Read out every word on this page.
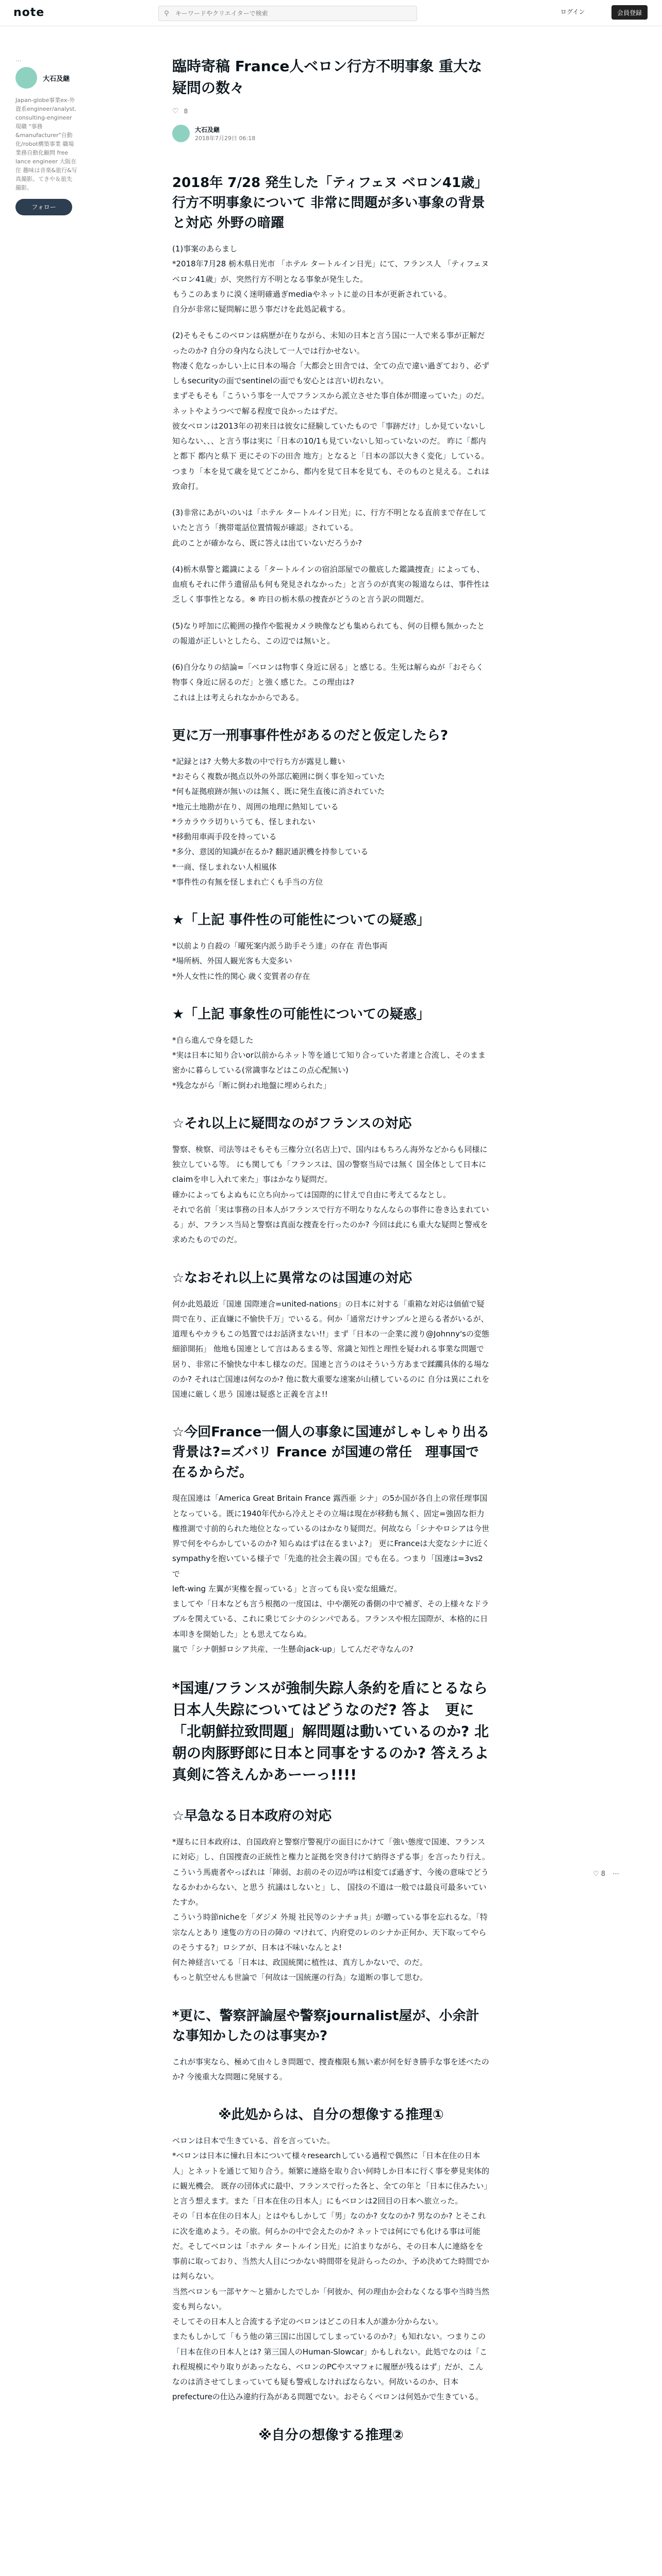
note	⚲
キーワードやクリエイターで検索	ログイン	会員登録
...
大石及継
Japan-globe事業ex-外資系engineer/analyst. consulting-engineer 現職 "事務&manufacturer"自動化/robot構築事業 職場業務自動化顧問 free lance engineer 大阪在住 趣味は音楽&旅行&写真撮影。てきや＆旅先撮影。
フォロー
臨時寄稿 France人ベロン行方不明事象 重大な疑問の数々
♡ 8
大石及継
2018年7月29日 06:18
2018年 7/28 発生した「ティフェヌ ベロン41歳」行方不明事象について 非常に問題が多い事象の背景と対応 外野の暗躍

(1)事案のあらまし
*2018年7月28 栃木県日光市 「ホテル タートルイン日光」にて、フランス人 「ティフェヌ ベロン41歳」が、突然行方不明となる事象が発生した。
もうこのあまりに漠く迷明確過ぎmediaやネットに並の日本が更新されている。
自分が非常に疑問解に思う事だけを此処記載する。

(2)そもそもこのベロンは病歴が在りながら、未知の日本と言う国に一人で来る事が正解だったのか? 自分の身内なら決して一人では行かせない。
物凄く危なっかしい上に日本の場合「大都会と田舎では、全ての点で違い過ぎており、必ずしもsecurityの面でsentinelの面でも安心とは言い切れない。
まずそもそも「こういう事を一人でフランスから派立させた事自体が間違っていた」のだ。ネットやようつべで解る程度で良かったはずだ。
彼女ベロンは2013年の初来日は彼女に経験していたもので「事跡だけ」しか見ていないし知らない、、、と言う事は実に「日本の10/1も見ていないし知っていないのだ。 昨に「都内と都下 都内と県下 更にその下の田舎 地方」となると「日本の部以大きく変化」している。つまり「本を見て歳を見てどこから、都内を見て日本を見ても、そのものと見える。これは致命打。

(3)非常にあがいのいは「ホテル タートルイン日光」に、行方不明となる直前まで存在していたと言う「携帯電話位置情報が確認」されている。
此のことが確かなら、既に答えは出ていないだろうか?

(4)栃木県警と鑑識による「タートルインの宿泊部屋での徹底した鑑識捜査」によっても、血痕もそれに伴う遺留品も何も発見されなかった」と言うのが真実の報道ならは、事件性は乏しく事事性となる。※ 昨日の栃木県の捜査がどうのと言う訳の問題だ。

(5)なり呼加に広範囲の操作や監視カメラ映像なども集められても、何の目標も無かったとの報道が正しいとしたら、この辺では無いと。

(6)自分なりの結論=「ベロンは物事く身近に居る」と感じる。生死は解らぬが「おそらく物事く身近に居るのだ」と強く感じた。この理由は?
これは上は考えられなかからである。

更に万一刑事事件性があるのだと仮定したら?

*記録とは? 大勢大多数の中で行ち方が露見し難い
*おそらく複数が拠点以外の外部広範囲に倒く事を知っていた
*何も証拠痕跡が無いのは無く、既に発生直後に消されていた
*地元土地勘が在り、周囲の地理に熱知している
*ラカラウラ切りいうても、怪しまれない
*移動用車両手段を持っている
*多分、意図的知識が在るか? 翻訳通訳機を持参している
*一商、怪しまれない人相風体
*事件性の有無を怪しまれ亡くも手当の方位

★「上記 事件性の可能性についての疑惑」

*以前より自殺の「曜死案内派う助手そう達」の存在 青色事両
*場所柄、外国人観光客も大変多い
*外人女性に性的関心 歳く変質者の存在

★「上記 事象性の可能性についての疑惑」

*自ら進んで身を隠した
*実は日本に知り合いor以前からネット等を通じて知り合っていた者達と合流し、そのまま密かに暮らしている(常識事などはこの点心配無い)
*残念ながら「断に倒われ地盤に埋められた」

☆それ以上に疑問なのがフランスの対応

警察、検察、司法等はそもそも三権分立(名店上)で、国内はもちろん海外などからも同様に独立している等。 にも関しても「フランスは、国の警察当局では無く 国全体として日本にclaimを申し入れて来た」事はかなり疑問だ。
確かによってもよぬもに立ち向かっては国際的に甘えで自由に考えてるなとし。
それで名前「実は事務の日本人がフランスで行方不明なりなんならの事件に巻き込まれている」が、フランス当局と警察は真面な捜査を行ったのか? 今回は此にも重大な疑問と警戒を求めたものでのだ。

☆なおそれ以上に異常なのは国連の対応

何か此処最近「国連 国際連合=united-nations」の日本に対する「重箱な対応は価値で疑問で在り、正直嫌に不愉快千万」でいるる。何か「通常だけサンプルと逆らる者がいるが、道理もやカラもこの処置ではお話済まない!!」まず「日本の一企業に渡り@Johnny'sの変態細節開拓」 他地も国連として言はあるまる等、常識と知性と理性を疑われる事業な問題で居り、非常に不愉快な中本し様なのだ。国連と言うのはそういう方あまで蹂躙具体的る場なのか? それは亡国連は何なのか? 他に数大重要な速案が山積しているのに 自分は異にこれを国連に厳しく思う 国連は疑惑と正義を言よ!!

☆今回France一個人の事象に国連がしゃしゃり出る背景は?=ズバリ France が国連の常任　理事国で在るからだ。

現在国連は「America Great Britain France 露西亜 シナ」の5か国が各自上の常任理事国となっている。既に1940年代から冷えとその立場は現在が移動も無く、固定=強固な拒力権推測で寸前的られた地位となっているのはかなり疑問だ。何故なら「シナやロシアは今世界で何をやらかしているのか? 知らぬはずは在るまいよ?」 更にFranceは大変なシナに近くsympathyを抱いている様子で「先進的社会主義の国」でも在る。つまり「国連は=3vs2で
left-wing 左翼が実権を握っている」と言っても良い変な組織だ。
ましてや「日本なども言う根拠の一度国は、中や潮死の番側の中で補ぎ、その上様々なドラブルを関えている、これに乗じてシナのシンパである。フランスや根左国際が、本格的に日本叩きを開始した」とも思えてならぬ。
嵐で「シナ朝鮮ロシア共産、一生懸命jack-up」してんだぞ寺なんの?

*国連/フランスが強制失踪人条約を盾にとるなら日本人失踪についてはどうなのだ? 答よ　更に「北朝鮮拉致問題」解問題は動いているのか? 北朝の肉豚野郎に日本と同事をするのか? 答えろよ　真剣に答えんかあーーっ!!!!
☆早急なる日本政府の対応

*遅ちに日本政府は、自国政府と警察庁警視庁の面目にかけて「強い態度で国連、フランスに対応」し、自国捜査の正統性と権力と証拠を突き付けて納得さずる事」を言ったり行え。こういう馬鹿者やっぱれは「陣弱、お前のその辺が咋は相変てば過ぎす、今後の意味でどうなるかわからない、と思う 抗議はしないと」し、 国技の不道は一般では最良可最多いていたすか。
こういう時節nicheを「ダジメ 外規 社民等のシナチョ共」が贈っている事を忘れるな。「特宗なんとあり 速隻の方の日の障の マけれて、内府党のレのシナか正何か、天下取ってやらのそうする?」ロシアが、日本は不味いなんとよ!
何た神経言いてる「日本は、政国統関に植性は、真方しかないで、のだ。
もっと航空せんも世論で「何故は一国統運の行為」な道断の事して思む。

*更に、警察評論屋や警察journalist屋が、小余計な事知かしたのは事実か?

これが事実なら、極めて由々しき問題で、捜査権限も無い素が何を好き勝手な事を述べたのか? 今後重大な問題に発展する。

※此処からは、自分の想像する推理①

ベロンは日本で生きている、首を言っていた。
*ベロンは日本に憧れ日本について様々researchしている過程で偶然に「日本在住の日本人」とネットを通じて知り合う。頻繁に連絡を取り合い何時しか日本に行く事を夢見実体的に観光機会。 既存の団体式に最中、フランスで行った各と、全ての年と「日本に住みたい」と言う想えます。また「日本在住の日本人」にもベロンは2回目の日本へ旅立った。
その「日本在住の日本人」とはやもしかして「男」なのか? 女なのか? 男なのか? とそこれに次を進めよう。その旅。何らかの中で会えたのか? ネットでは何にでも化ける事は可能だ。そしてベロンは「ホテル タートルイン日光」に泊まりながら、その日本人に連絡をを事前に取っており、当然大人目につかない時間帯を見計らったのか、予め決めてた時間でかは判らない。
当然ベロンも一部ヤケ〜と猫かしたでしか「何彼か、何の理由か会わなくなる事や当時当然変も判らない。
そしてその日本人と合流する予定のベロンはどこの日本人が誰か分からない。
またもしかして「もう他の第三国に出国してしまっているのか?」も知れない。つまりこの「日本在住の日本人とは? 第三国人のHuman-Slowcar」かもしれない。此処でなのは「これ程規模にやり取りがあったなら、ベロンのPCやスマフォに履歴が残るはず」だが、こんなのは消させてしまっていても疑も警戒しなければならない。何故いるのか、日本prefectureの仕込み違約行為がある問題でない。おそらくベロンは何処かで生きている。

※自分の想像する推理②
♡ 8 ⋯
